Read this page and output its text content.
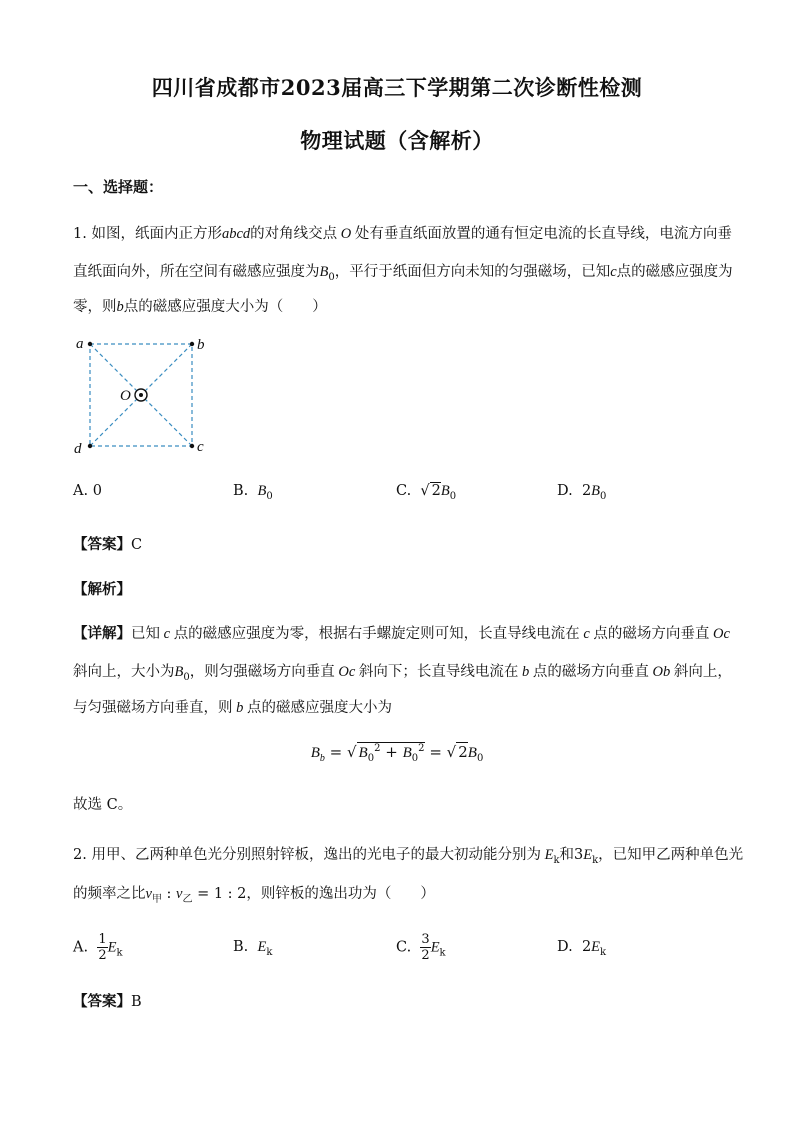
四川省成都市2023届高三下学期第二次诊断性检测
物理试题（含解析）
一、选择题：
1. 如图，纸面内正方形abcd的对角线交点 O 处有垂直纸面放置的通有恒定电流的长直导线，电流方向垂
直纸面向外，所在空间有磁感应强度为$B_0$，平行于纸面但方向未知的匀强磁场，已知c点的磁感应强度为
零，则b点的磁感应强度大小为（　　）
a	b
c
d
O
A. 0	B. $B_0$	C.  √ $2B_0$	D. $2B_0$
【答案】C
【解析】
【详解】已知 c 点的磁感应强度为零，根据右手螺旋定则可知，长直导线电流在 c 点的磁场方向垂直 Oc
斜向上，大小为$B_0$，则匀强磁场方向垂直 Oc 斜向下；长直导线电流在 b 点的磁场方向垂直 Ob 斜向上，
与匀强磁场方向垂直，则 b 点的磁感应强度大小为
$B_b$ = √ $B_0^2 + B_0^2$ = √ $2B_0$
故选 C。
2. 用甲、乙两种单色光分别照射锌板，逸出的光电子的最大初动能分别为 $E_k$和$3E_k$，已知甲乙两种单色光
的频率之比$\nu_甲$ : $\nu_乙 = 1$ : 2，则锌板的逸出功为（　　）
A. $\frac{1}{2} E_k$	B. $E_k$	C. $\frac{3}{2} E_k$	D. $2E_k$
【答案】B
